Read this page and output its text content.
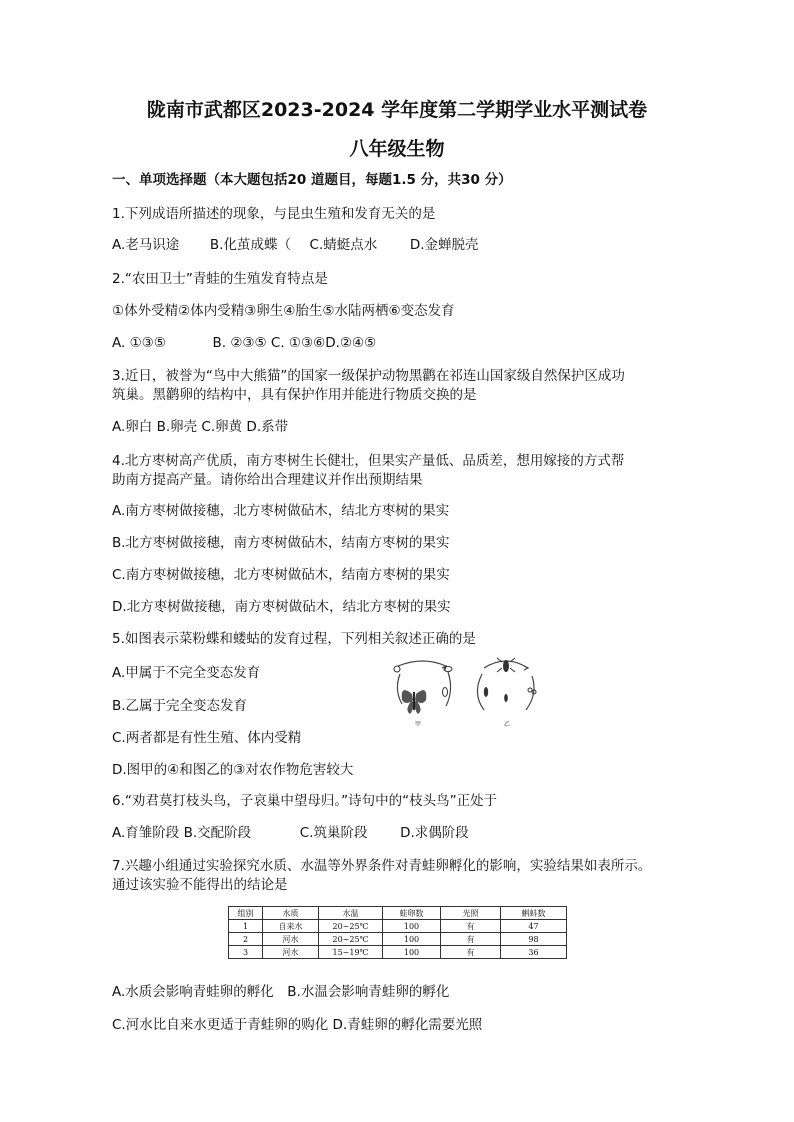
陇南市武都区2023-2024 学年度第二学期学业水平测试卷
八年级生物
一、单项选择题（本大题包括20 道题目，每题1.5 分，共30 分）
1.下列成语所描述的现象，与昆虫生殖和发育无关的是
A.老马识途 B.化茧成蝶（ C.蜻蜓点水 D.金蝉脱壳
2.“农田卫士”青蛙的生殖发育特点是
①体外受精②体内受精③卵生④胎生⑤水陆两栖⑥变态发育
A. ①③⑤	B. ②③⑤ C. ①③⑥D.②④⑤
3.近日，被誉为“鸟中大熊猫”的国家一级保护动物黑鹳在祁连山国家级自然保护区成功
筑巢。黑鹳卵的结构中，具有保护作用并能进行物质交换的是
A.卵白 B.卵壳 C.卵黄 D.系带
4.北方枣树高产优质，南方枣树生长健壮，但果实产量低、品质差，想用嫁接的方式帮
助南方提高产量。请你给出合理建议并作出预期结果
A.南方枣树做接穗，北方枣树做砧木，结北方枣树的果实
B.北方枣树做接穗，南方枣树做砧木，结南方枣树的果实
C.南方枣树做接穗，北方枣树做砧木，结南方枣树的果实
D.北方枣树做接穗，南方枣树做砧木，结北方枣树的果实
5.如图表示菜粉蝶和蝼蛄的发育过程，下列相关叙述正确的是
A.甲属于不完全变态发育
B.乙属于完全变态发育
C.两者都是有性生殖、体内受精
D.图甲的④和图乙的③对农作物危害较大
甲	乙
6.“劝君莫打枝头鸟，子哀巢中望母归。”诗句中的“枝头鸟”正处于
A.育雏阶段 B.交配阶段	C.筑巢阶段 D.求偶阶段
7.兴趣小组通过实验探究水质、水温等外界条件对青蛙卵孵化的影响，实验结果如表所示。
通过该实验不能得出的结论是
组别	水质	水温	蛙卵数	光照	蝌蚪数
1	自来水	20~25℃	100	有	47
2	河水	20~25℃	100	有	98
3	河水	15~19℃	100	有	36
A.水质会影响青蛙卵的孵化　B.水温会影响青蛙卵的孵化
C.河水比自来水更适于青蛙卵的购化 D.青蛙卵的孵化需要光照
